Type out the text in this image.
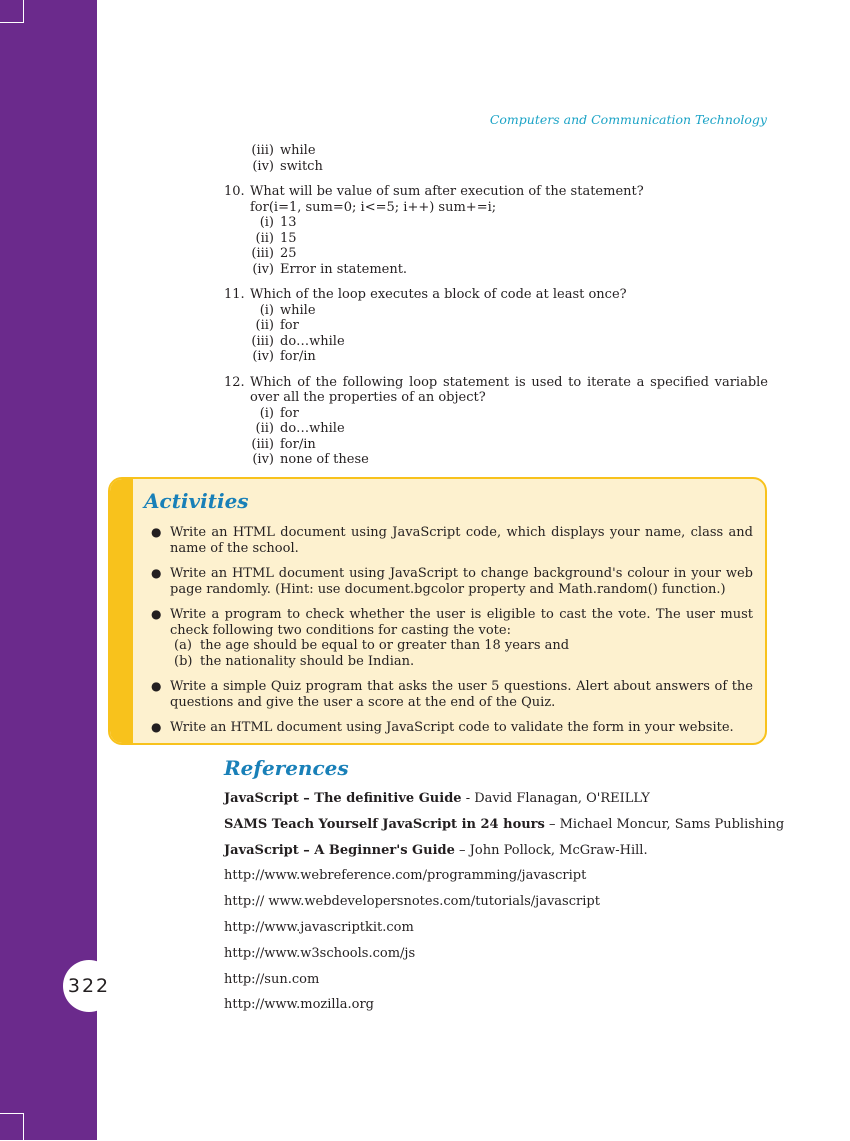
322
Computers and Communication Technology
(iii) while
(iv) switch
10. What will be value of sum after execution of the statement?
for(i=1, sum=0; i<=5; i++) sum+=i;
(i) 13
(ii) 15
(iii) 25
(iv) Error in statement.
11. Which of the loop executes a block of code at least once?
(i) while
(ii) for
(iii) do…while
(iv) for/in
12. Which of the following loop statement is used to iterate a specified variable over all the properties of an object?
(i) for
(ii) do…while
(iii) for/in
(iv) none of these
Activities
● Write an HTML document using JavaScript code, which displays your name, class and name of the school.
● Write an HTML document using JavaScript to change background's colour in your web page randomly. (Hint: use document.bgcolor property and Math.random() function.)
● Write a program to check whether the user is eligible to cast the vote. The user must check following two conditions for casting the vote:
(a) the age should be equal to or greater than 18 years and
(b) the nationality should be Indian.
● Write a simple Quiz program that asks the user 5 questions. Alert about answers of the questions and give the user a score at the end of the Quiz.
● Write an HTML document using JavaScript code to validate the form in your website.
References
JavaScript – The definitive Guide - David Flanagan, O'REILLY
SAMS Teach Yourself JavaScript in 24 hours – Michael Moncur, Sams Publishing
JavaScript – A Beginner's Guide – John Pollock, McGraw-Hill.
http://www.webreference.com/programming/javascript
http:// www.webdevelopersnotes.com/tutorials/javascript
http://www.javascriptkit.com
http://www.w3schools.com/js
http://sun.com
http://www.mozilla.org
